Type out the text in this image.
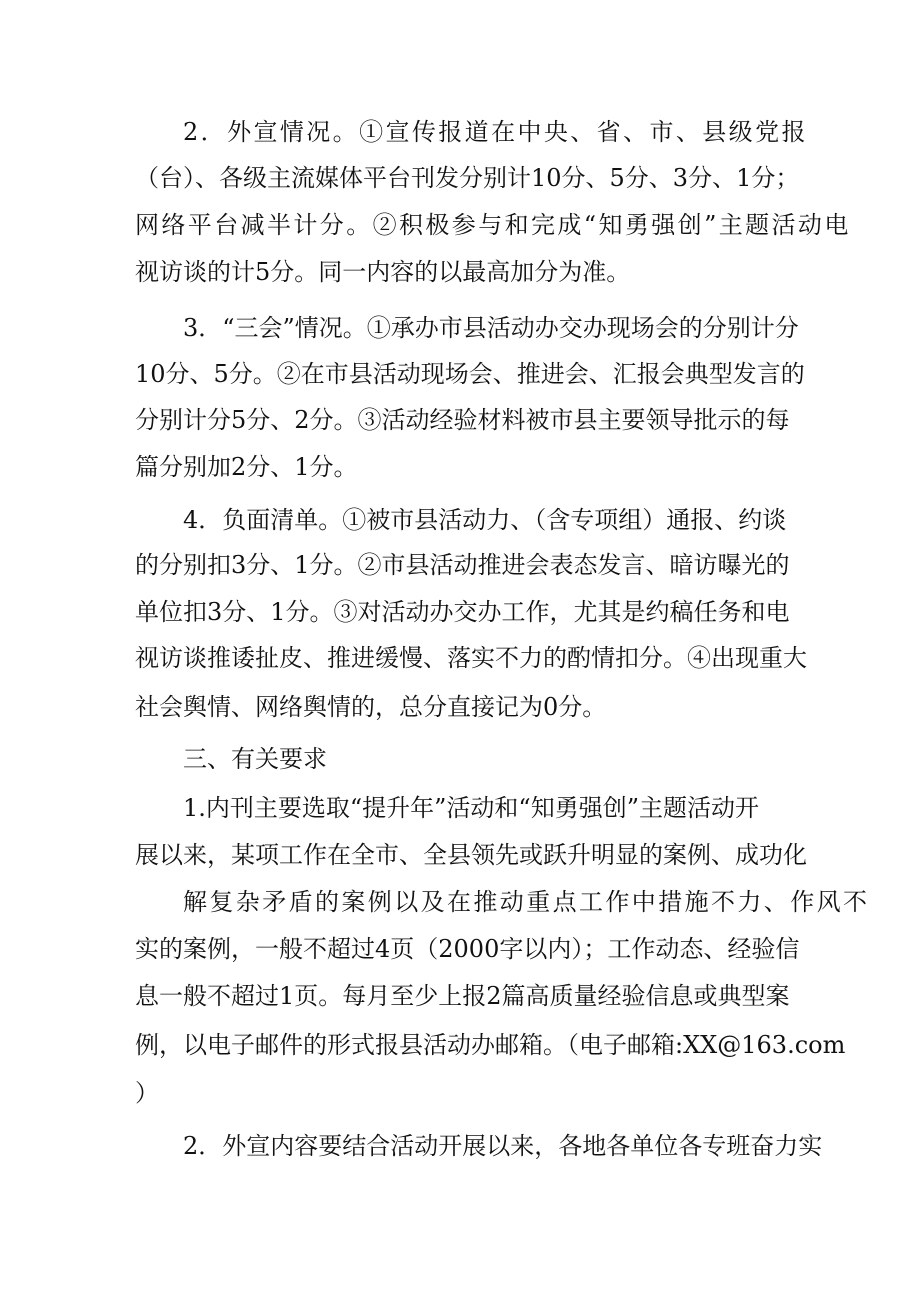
2．外宣情况。①宣传报道在中央、省、市、县级党报
（台）、各级主流媒体平台刊发分别计10分、5分、3分、1分；
网络平台减半计分。②积极参与和完成“知勇强创”主题活动电
视访谈的计5分。同一内容的以最高加分为准。
3．“三会”情况。①承办市县活动办交办现场会的分别计分
10分、5分。②在市县活动现场会、推进会、汇报会典型发言的
分别计分5分、2分。③活动经验材料被市县主要领导批示的每
篇分别加2分、1分。
4．负面清单。①被市县活动力、（含专项组）通报、约谈
的分别扣3分、1分。②市县活动推进会表态发言、暗访曝光的
单位扣3分、1分。③对活动办交办工作，尤其是约稿任务和电
视访谈推诿扯皮、推进缓慢、落实不力的酌情扣分。④出现重大
社会舆情、网络舆情的，总分直接记为0分。
三、有关要求
1.内刊主要选取“提升年”活动和“知勇强创”主题活动开
展以来，某项工作在全市、全县领先或跃升明显的案例、成功化
解复杂矛盾的案例以及在推动重点工作中措施不力、作风不
实的案例，一般不超过4页（2000字以内）；工作动态、经验信
息一般不超过1页。每月至少上报2篇高质量经验信息或典型案
例，以电子邮件的形式报县活动办邮箱。（电子邮箱:XX@163.com
）
2．外宣内容要结合活动开展以来，各地各单位各专班奋力实
